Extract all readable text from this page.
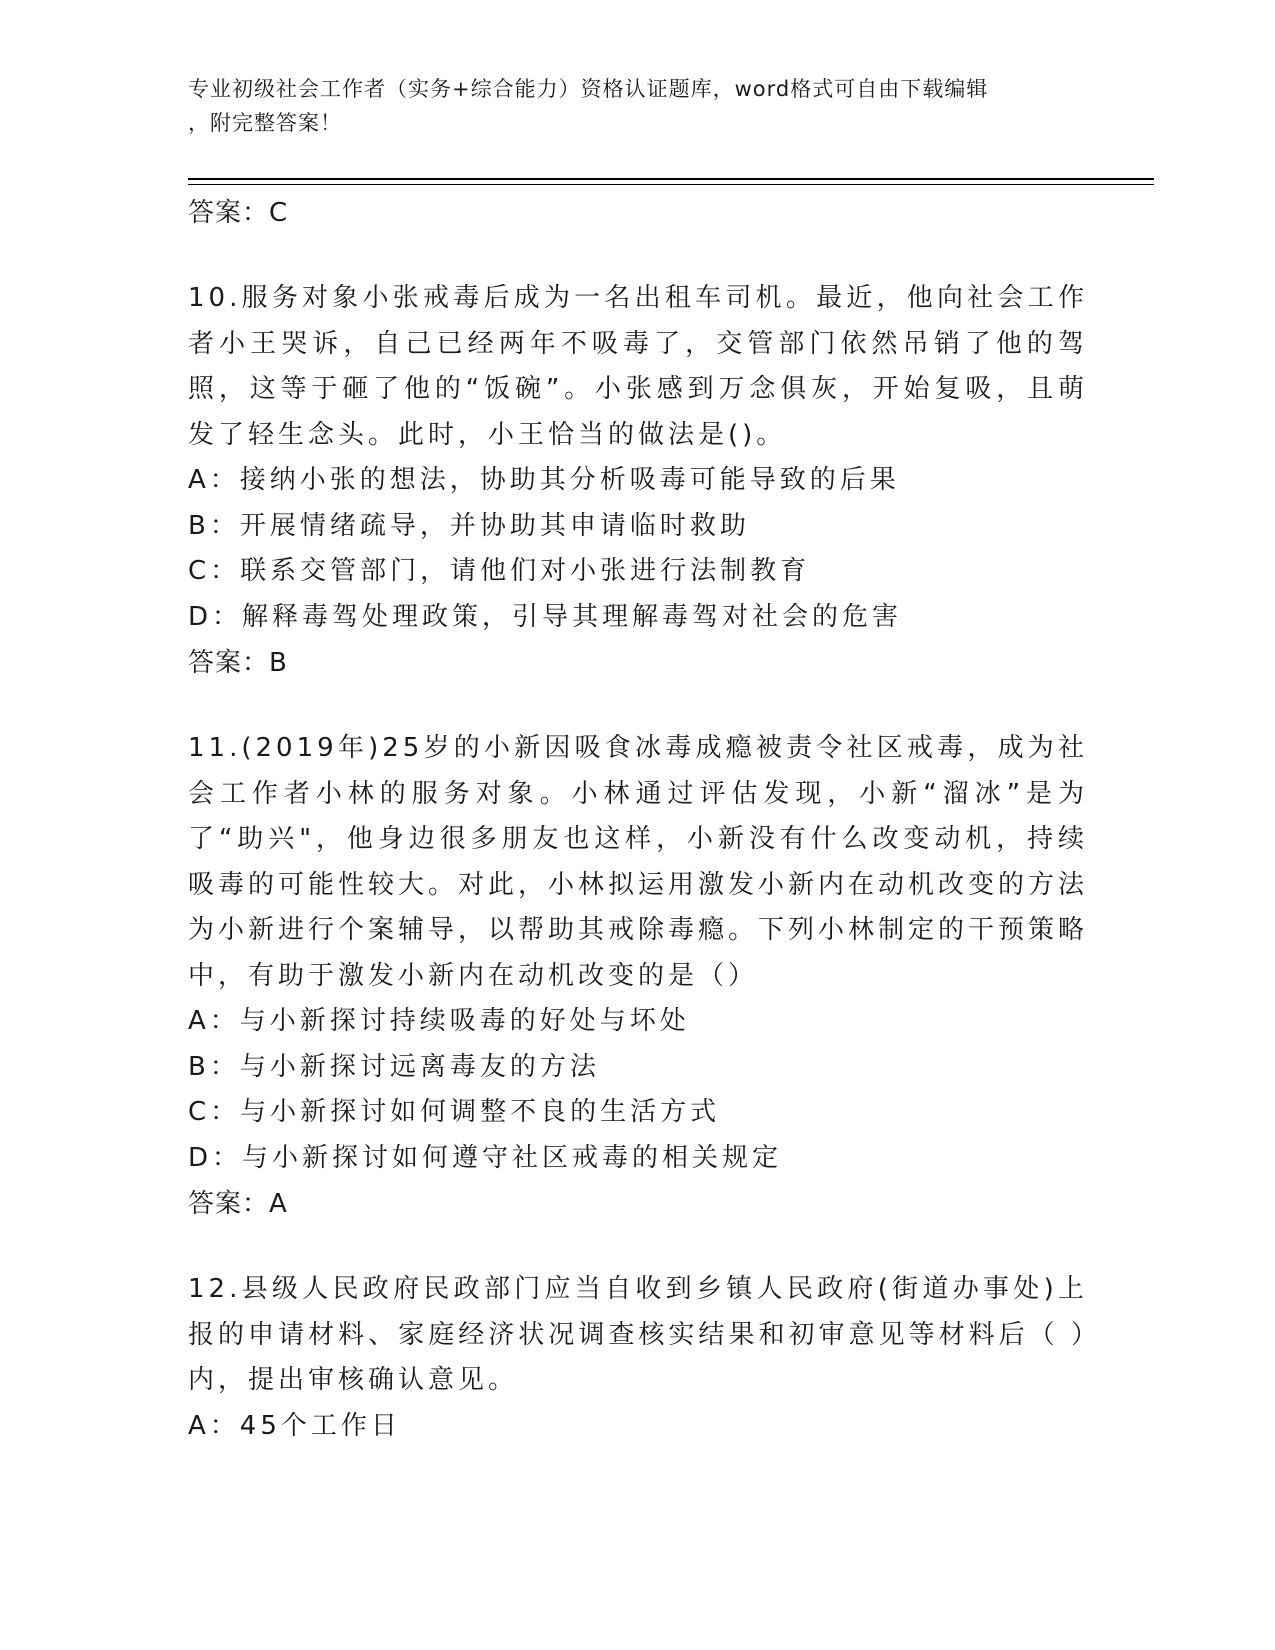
专业初级社会工作者（实务+综合能力）资格认证题库，word格式可自由下载编辑

，附完整答案！

答案：C

10.服务对象小张戒毒后成为一名出租车司机。最近，他向社会工作者小王哭诉，自己已经两年不吸毒了，交管部门依然吊销了他的驾照，这等于砸了他的“饭碗”。小张感到万念俱灰，开始复吸，且萌发了轻生念头。此时，小王恰当的做法是()。

A：接纳小张的想法，协助其分析吸毒可能导致的后果

B：开展情绪疏导，并协助其申请临时救助

C：联系交管部门，请他们对小张进行法制教育

D：解释毒驾处理政策，引导其理解毒驾对社会的危害

答案：B

11.(2019年)25岁的小新因吸食冰毒成瘾被责令社区戒毒，成为社会工作者小林的服务对象。小林通过评估发现，小新“溜冰”是为了“助兴"，他身边很多朋友也这样，小新没有什么改变动机，持续吸毒的可能性较大。对此，小林拟运用激发小新内在动机改变的方法为小新进行个案辅导，以帮助其戒除毒瘾。下列小林制定的干预策略中，有助于激发小新内在动机改变的是（）

A：与小新探讨持续吸毒的好处与坏处

B：与小新探讨远离毒友的方法

C：与小新探讨如何调整不良的生活方式

D：与小新探讨如何遵守社区戒毒的相关规定

答案：A

12.县级人民政府民政部门应当自收到乡镇人民政府(街道办事处)上报的申请材料、家庭经济状况调查核实结果和初审意见等材料后（ ）内，提出审核确认意见。

A：45个工作日
